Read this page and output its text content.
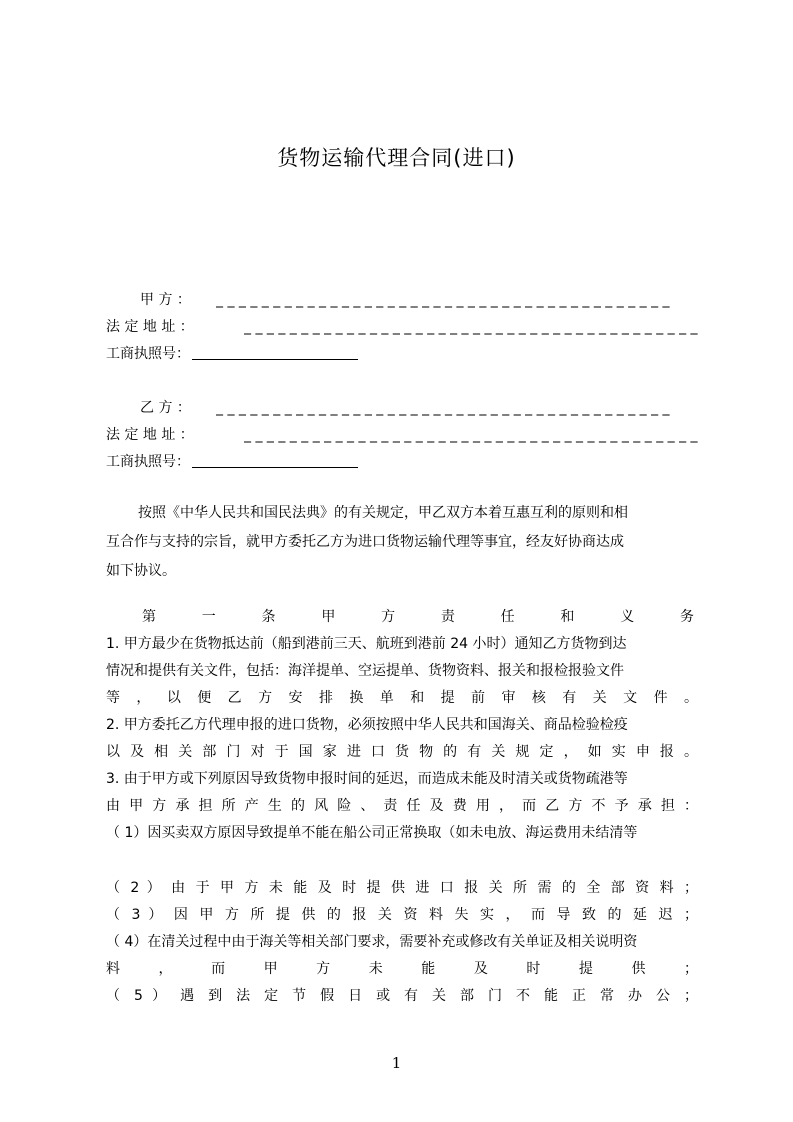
货物运输代理合同(进口)
甲 方 ：	_ _ _ _ _ _ _ _ _ _ _ _ _ _ _ _ _ _ _ _ _ _ _ _ _ _ _ _ _ _ _ _ _ _ _ _ _ _ _ _
法 定 地 址 ：	_ _ _ _ _ _ _ _ _ _ _ _ _ _ _ _ _ _ _ _ _ _ _ _ _ _ _ _ _ _ _ _ _ _ _ _ _ _ _ _
工商执照号：
乙 方 ：	_ _ _ _ _ _ _ _ _ _ _ _ _ _ _ _ _ _ _ _ _ _ _ _ _ _ _ _ _ _ _ _ _ _ _ _ _ _ _ _
法 定 地 址 ：	_ _ _ _ _ _ _ _ _ _ _ _ _ _ _ _ _ _ _ _ _ _ _ _ _ _ _ _ _ _ _ _ _ _ _ _ _ _ _ _
工商执照号：
按照《中华人民共和国民法典》的有关规定，甲乙双方本着互惠互利的原则和相
互合作与支持的宗旨，就甲方委托乙方为进口货物运输代理等事宜，经友好协商达成
如下协议。
第 一 条 甲 方 责 任 和 义 务
1. 甲方最少在货物抵达前（船到港前三天、航班到港前 24 小时）通知乙方货物到达
情况和提供有关文件，包括：海洋提单、空运提单、货物资料、报关和报检报验文件
等 ， 以 便 乙 方 安 排 换 单 和 提 前 审 核 有 关 文 件 。
2. 甲方委托乙方代理申报的进口货物，必须按照中华人民共和国海关、商品检验检疫
以 及 相 关 部 门 对 于 国 家 进 口 货 物 的 有 关 规 定 ， 如 实 申 报 。
3. 由于甲方或下列原因导致货物申报时间的延迟，而造成未能及时清关或货物疏港等
由 甲 方 承 担 所 产 生 的 风 险 、 责 任 及 费 用 ， 而 乙 方 不 予 承 担 ：
（ 1）因买卖双方原因导致提单不能在船公司正常换取（如未电放、海运费用未结清等
（ 2 ） 由 于 甲 方 未 能 及 时 提 供 进 口 报 关 所 需 的 全 部 资 料 ；
（ 3 ） 因 甲 方 所 提 供 的 报 关 资 料 失 实 ， 而 导 致 的 延 迟 ；
（ 4）在清关过程中由于海关等相关部门要求，需要补充或修改有关单证及相关说明资
料 ， 而 甲 方 未 能 及 时 提 供 ；
（ 5 ） 遇 到 法 定 节 假 日 或 有 关 部 门 不 能 正 常 办 公 ；
1
